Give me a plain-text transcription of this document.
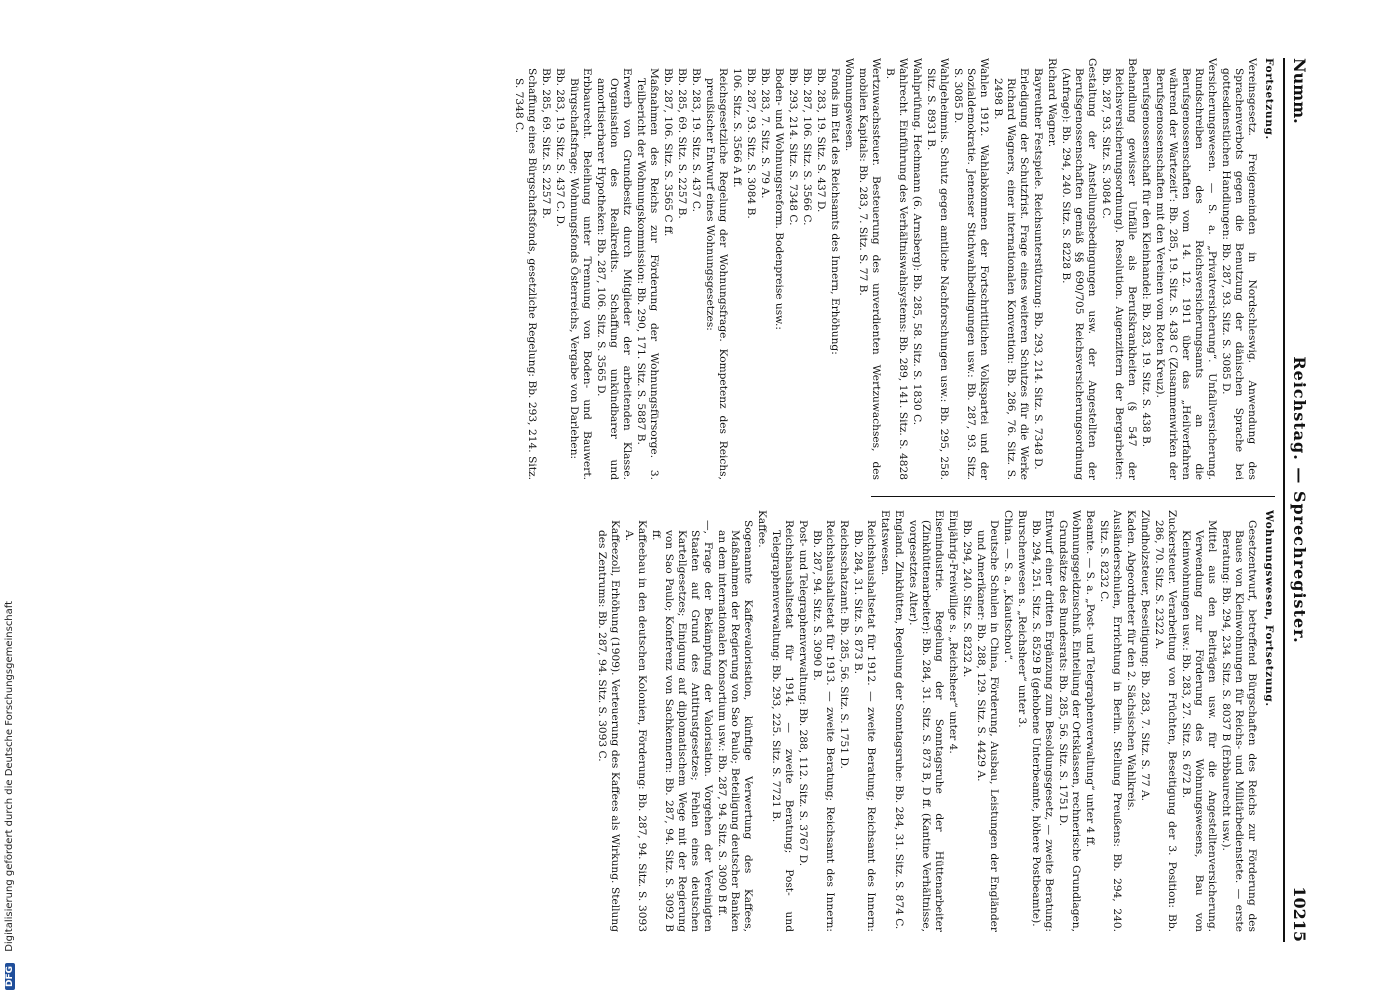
DFG Digitalisierung gefördert durch die Deutsche Forschungsgemeinschaft
Numm.
Reichstag. — Sprechregister.
10215
Fortsetzung.
Vereinsgesetz. Freigemeinden in Nordschleswig. Anwendung des Sprachenverbots gegen die Benutzung der dänischen Sprache bei gottesdienstlichen Handlungen: Bb. 287, 93. Sitz. S. 3085 D.
Versicherungswesen. — S. a. „Privatversicherung“. Unfallversicherung. Rundschreiben des Reichsversicherungsamts an die Berufsgenossenschaften vom 14. 12. 1911 über das „Heilverfahren während der Wartezeit“: Bb. 285, 19. Sitz. S. 438 C (Zusammenwirken der Berufsgenossenschaften mit den Vereinen vom Roten Kreuz).
Berufsgenossenschaft für den Kleinhandel: Bb. 283, 19. Sitz. S. 438 B.
Behandlung gewisser Unfälle als Berufskrankheiten (§ 547 der Reichsversicherungsordnung). Resolution. Augenzittern der Bergarbeiter: Bb. 287, 93. Sitz. S. 3084 C.
Gestaltung der Anstellungsbedingungen usw. der Angestellten der Berufsgenossenschaften gemäß §§ 690/705 Reichsversicherungsordnung (Anfrage): Bb. 294, 240. Sitz. S. 8228 B.
Richard Wagner.
Bayreuther Festspiele. Reichsunterstützung: Bb. 293, 214. Sitz. S. 7348 D.
Erledigung der Schutzfrist. Frage eines weiteren Schutzes für die Werke Richard Wagners, einer internationalen Konvention: Bb. 286, 76. Sitz. S. 2498 B.
Wahlen 1912. Wahlabkommen der Fortschrittlichen Volkspartei und der Sozialdemokratie. Jenenser Stichwahlbedingungen usw.: Bb. 287, 93. Sitz. S. 3085 D.
Wahlgeheimnis. Schutz gegen amtliche Nachforschungen usw.: Bb. 295, 258. Sitz. S. 8931 B.
Wahlprüfung. Hechmann (6. Arnsberg): Bb. 285, 58. Sitz. S. 1830 C.
Wahlrecht. Einführung des Verhältniswahlsystems: Bb. 289, 141. Sitz. S. 4828 B.
Wertzuwachssteuer. Besteuerung des unverdienten Wertzuwachses, des mobilen Kapitals: Bb. 283, 7. Sitz. S. 77 B.
Wohnungswesen.
Fonds im Etat des Reichsamts des Innern, Erhöhung:
Bb. 283, 19. Sitz. S. 437 D.
Bb. 287, 106. Sitz. S. 3566 C.
Bb. 293, 214. Sitz. S. 7348 C.
Boden- und Wohnungsreform. Bodenpreise usw.:
Bb. 283, 7. Sitz. S. 79 A.
Bb. 287, 93. Sitz. S. 3084 B.
106. Sitz. S. 3566 A ff.
Reichsgesetzliche Regelung der Wohnungsfrage. Kompetenz des Reichs, preußischer Entwurf eines Wohnungsgesetzes:
Bb. 283, 19. Sitz. S. 437 C.
Bb. 285, 69. Sitz. S. 2257 B.
Bb. 287, 106. Sitz. S. 3565 C ff.
Maßnahmen des Reichs zur Förderung der Wohnungsfürsorge. 3. Teilbericht der Wohnungskommission: Bb. 290, 171. Sitz. S. 5887 B.
Erwerb von Grundbesitz durch Mitglieder der arbeitenden Klasse. Organisation des Realkredits. Schaffung unkündbarer und amortisierbarer Hypotheken: Bb. 287, 106. Sitz. S. 3565 D.
Erbbaurecht. Beleihung unter Trennung von Boden- und Bauwert. Bürgschaftsfrage; Wohnungsfonds Österreichs, Vergabe von Darlehen:
Bb. 283, 19. Sitz. S. 437 C. D.
Bb. 285, 69. Sitz. S. 2257 B.
Schaffung eines Bürgschaftsfonds, gesetzliche Regelung: Bb. 293, 214. Sitz. S. 7348 C.
Wohnungswesen, Fortsetzung.
Gesetzentwurf, betreffend Bürgschaften des Reichs zur Förderung des Baues von Kleinwohnungen für Reichs- und Militärbedienstete. — erste Beratung: Bb. 294, 234. Sitz. S. 8037 B (Erbbaurecht usw.).
Mittel aus den Beiträgen usw. für die Angestelltenversicherung. Verwendung zur Förderung des Wohnungswesens, Bau von Kleinwohnungen usw.: Bb. 283, 27. Sitz. S. 672 B.
Zuckersteuer. Verarbeitung von Früchten, Beseitigung der 3. Position: Bb. 286, 70. Sitz. S. 2322 A.
Zündholzsteuer, Beseitigung: Bb. 283, 7. Sitz. S. 77 A.
Kaden. Abgeordneter für den 2. Sächsischen Wahlkreis.
Ausländerschulen, Errichtung in Berlin. Stellung Preußens: Bb. 294, 240. Sitz. S. 8232 C.
Beamte. — S. a. „Post- und Telegraphenverwaltung“ unter 4 ff.
Wohnungsgeldzuschuß. Einteilung der Ortsklassen, rechnerische Grundlagen, Grundsätze des Bundesrats: Bb. 285, 56. Sitz. S. 1751 D.
Entwurf einer dritten Ergänzung zum Besoldungsgesetz, — zweite Beratung: Bb. 294, 251. Sitz. S. 8529 B (gehobene Unterbeamte, höhere Postbeamte).
Burschenwesen s. „Reichsheer“ unter 3.
China. — S. a. „Kiautschou“.
Deutsche Schulen in China, Förderung, Ausbau, Leistungen der Engländer und Amerikaner: Bb. 288, 129. Sitz. S. 4429 A.
Bb. 294, 240. Sitz. S. 8232 A.
Einjährig-Freiwillige s. „Reichsheer“ unter 4.
Eisenindustrie. Regelung der Sonntagsruhe der Hüttenarbeiter (Zinkhüttenarbeiter): Bb. 284, 31. Sitz. S. 873 B, D ff. (Kantine Verhältnisse, vorgesetztes Alter).
England. Zinkhütten, Regelung der Sonntagsruhe: Bb. 284, 31. Sitz. S. 874 C.
Etatswesen.
Reichshaushaltsetat für 1912. — zweite Beratung; Reichsamt des Innern: Bb. 284, 31. Sitz. S. 873 B.
Reichsschatzamt: Bb. 285, 56. Sitz. S. 1751 D.
Reichshaushaltsetat für 1913. — zweite Beratung; Reichsamt des Innern: Bb. 287, 94. Sitz. S. 3090 B.
Post- und Telegraphenverwaltung: Bb. 288, 112. Sitz. S. 3767 D.
Reichshaushaltsetat für 1914. — zweite Beratung; Post- und Telegraphenverwaltung: Bb. 293, 225. Sitz. S. 7721 B.
Kaffee.
Sogenannte Kaffeevalorisation, künftige Verwertung des Kaffees, Maßnahmen der Regierung von Sao Paulo; Beteiligung deutscher Banken an dem internationalen Konsortium usw.: Bb. 287, 94. Sitz. S. 3090 B ff.
—, Frage der Bekämpfung der Valorisation. Vorgehen der Vereinigten Staaten auf Grund des Antitrustgesetzes; Fehlen eines deutschen Kartellgesetzes; Einigung auf diplomatischem Wege mit der Regierung von Sao Paulo; Konferenz von Sachkennern: Bb. 287, 94. Sitz. S. 3092 B ff.
Kaffeebau in den deutschen Kolonien, Förderung: Bb. 287, 94. Sitz. S. 3093 A.
Kaffeezoll, Erhöhung (1909). Verteuerung des Kaffees als Wirkung. Stellung des Zentrums: Bb. 287, 94. Sitz. S. 3093 C.
